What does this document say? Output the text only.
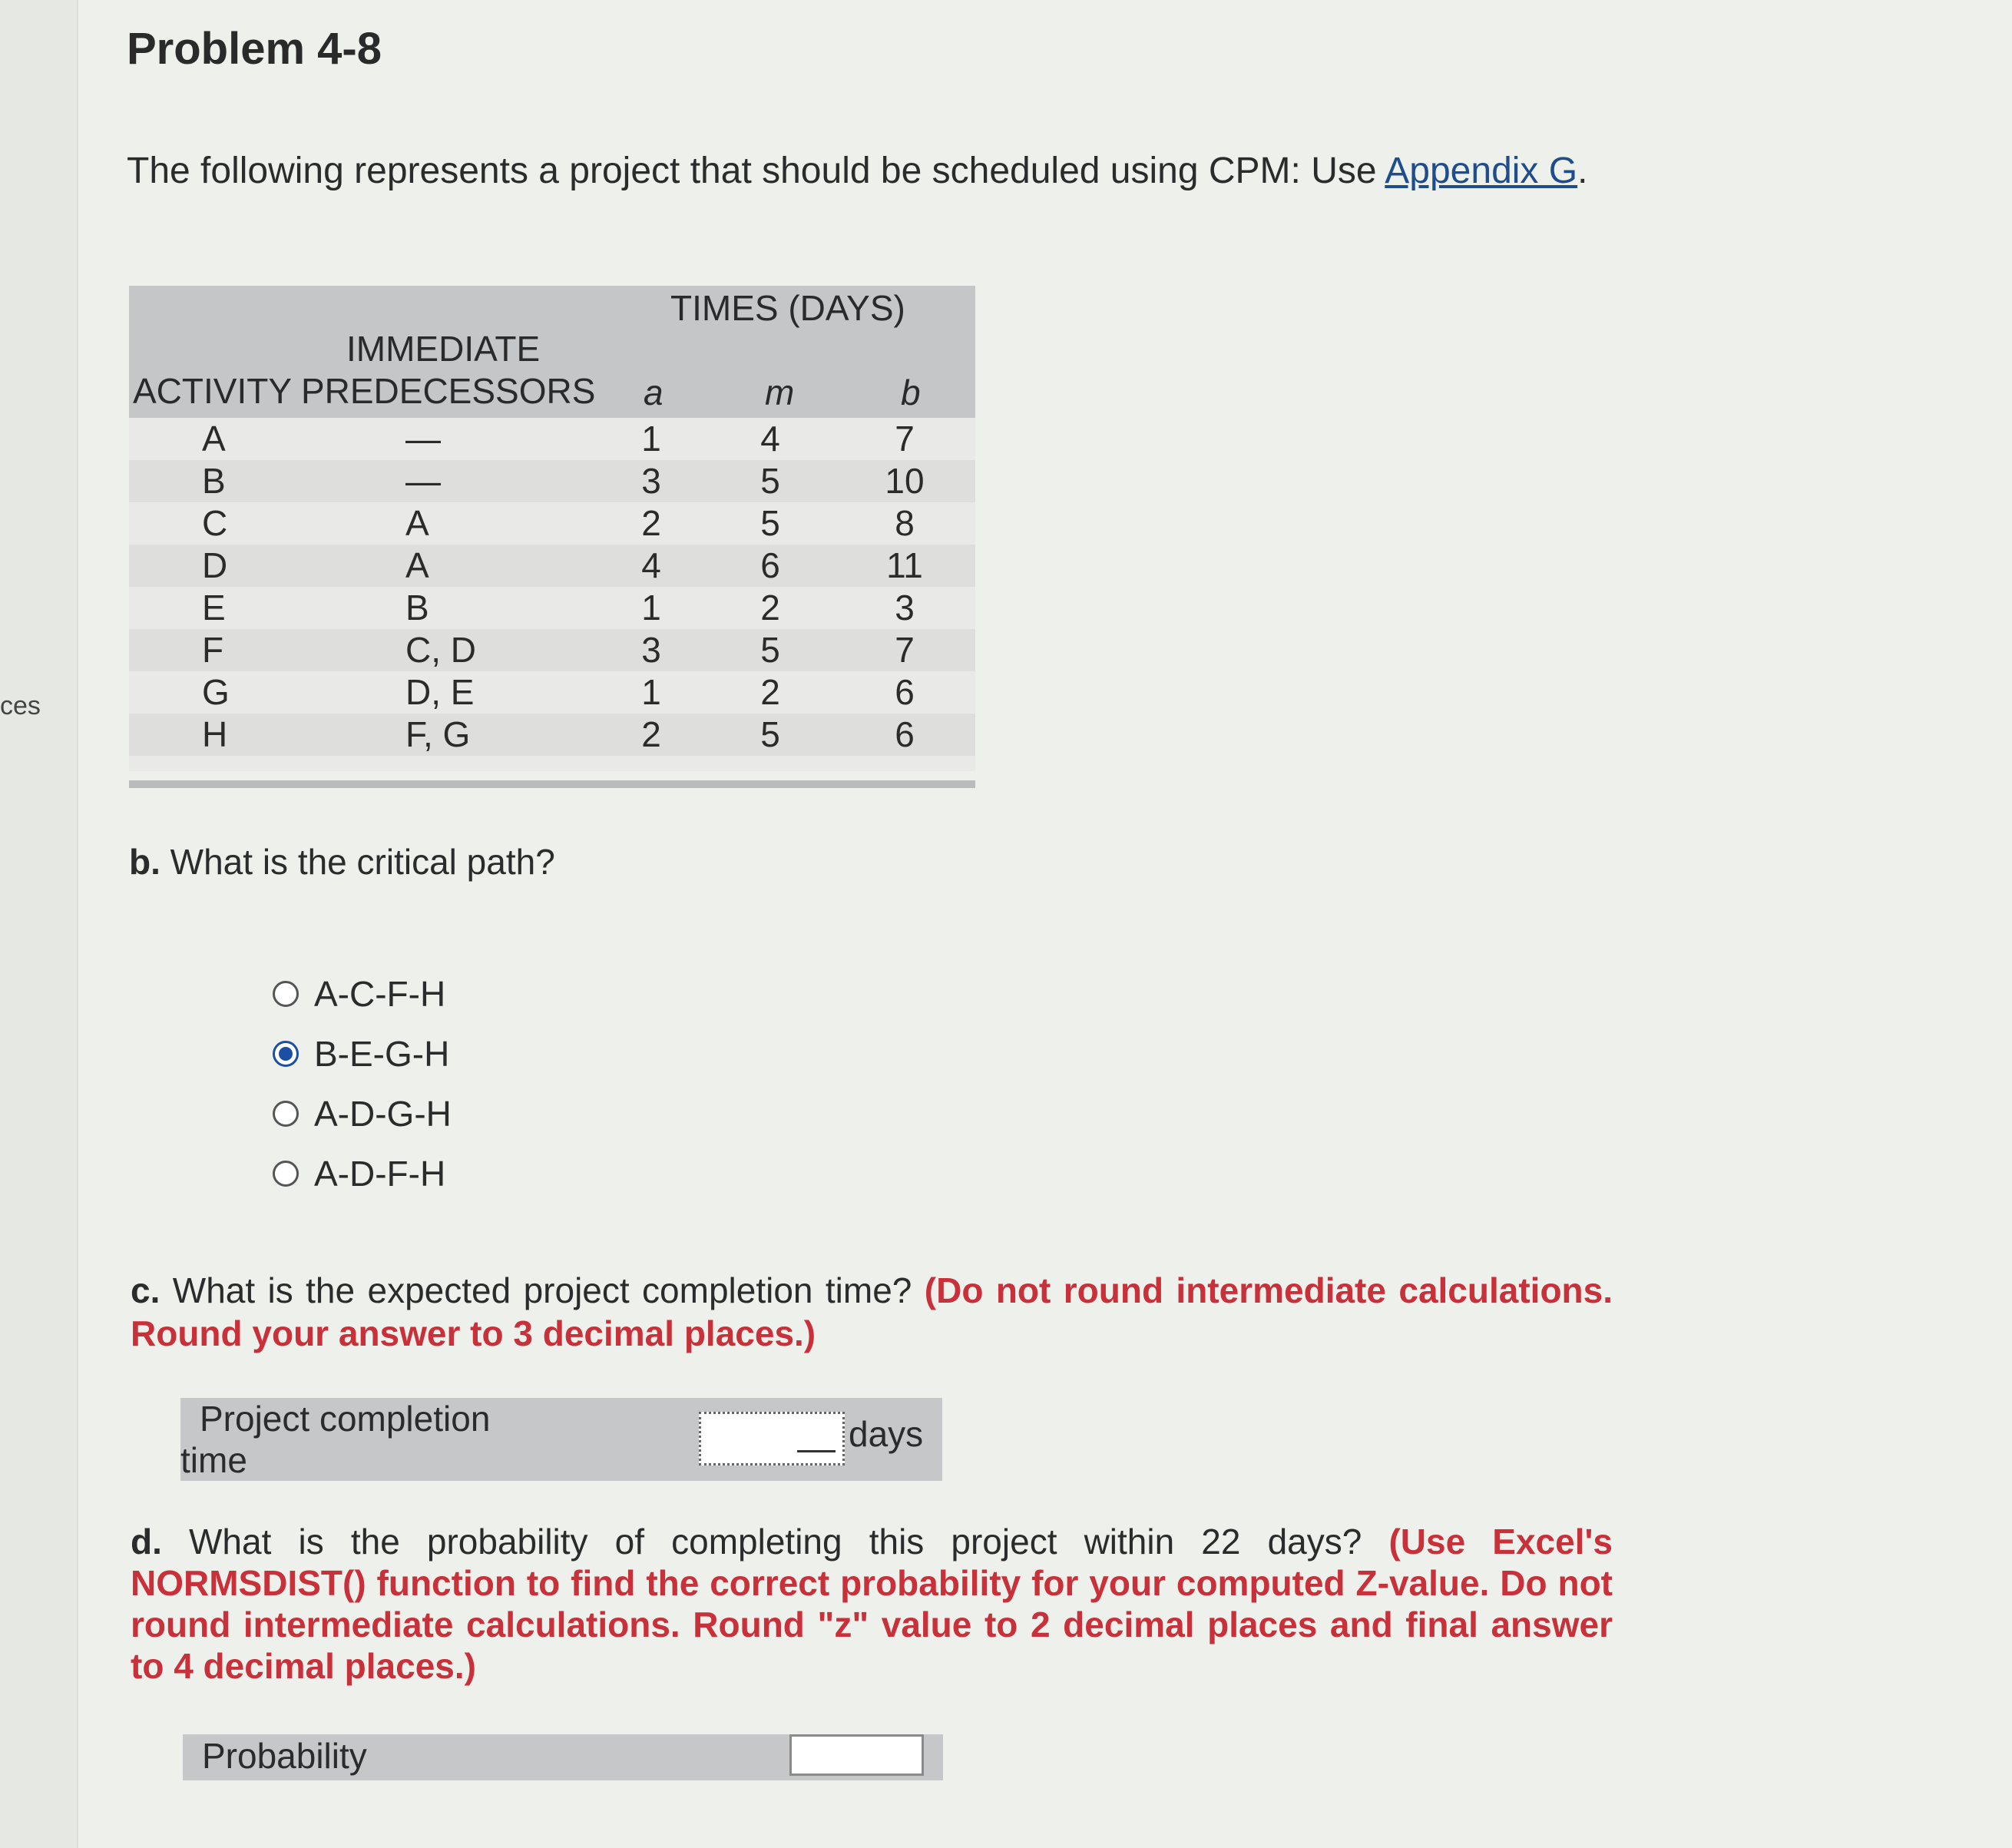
ces
Problem 4-8
The following represents a project that should be scheduled using CPM: Use Appendix G.
TIMES (DAYS)
IMMEDIATE
ACTIVITY PREDECESSORS a	m	b
A	—	1	4	7
B	—	3	5	10
C	A	2	5	8
D	A	4	6	11
E	B	1	2	3
F	C, D	3	5	7
G	D, E	1	2	6
H	F, G	2	5	6
b. What is the critical path?
A-C-F-H
B-E-G-H
A-D-G-H
A-D-F-H
c. What is the expected project completion time? (Do not round intermediate calculations. Round your answer to 3 decimal places.)
Project completion time
days
d. What is the probability of completing this project within 22 days? (Use Excel's NORMSDIST() function to find the correct probability for your computed Z-value. Do not round intermediate calculations. Round "z" value to 2 decimal places and final answer to 4 decimal places.)
Probability
